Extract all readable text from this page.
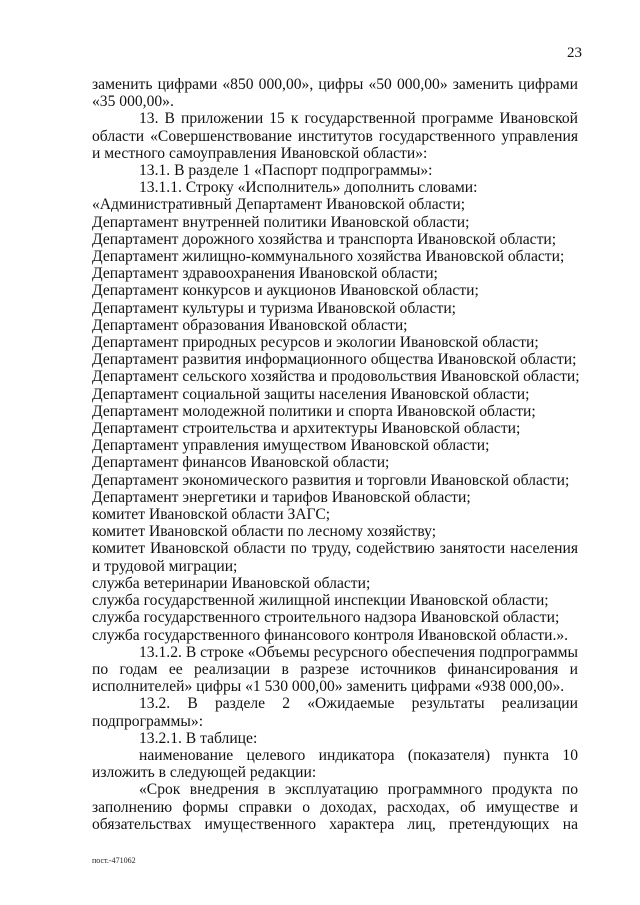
23

заменить цифрами «850 000,00», цифры «50 000,00» заменить цифрами

«35 000,00».

13. В приложении 15 к государственной программе Ивановской области «Совершенствование институтов государственного управления и местного самоуправления Ивановской области»:

13.1. В разделе 1 «Паспорт подпрограммы»:

13.1.1. Строку «Исполнитель» дополнить словами:

«Административный Департамент Ивановской области;

Департамент внутренней политики Ивановской области;

Департамент дорожного хозяйства и транспорта Ивановской области;

Департамент жилищно-коммунального хозяйства Ивановской области;

Департамент здравоохранения Ивановской области;

Департамент конкурсов и аукционов Ивановской области;

Департамент культуры и туризма Ивановской области;

Департамент образования Ивановской области;

Департамент природных ресурсов и экологии Ивановской области;

Департамент развития информационного общества Ивановской области;

Департамент сельского хозяйства и продовольствия Ивановской области;

Департамент социальной защиты населения Ивановской области;

Департамент молодежной политики и спорта Ивановской области;

Департамент строительства и архитектуры Ивановской области;

Департамент управления имуществом Ивановской области;

Департамент финансов Ивановской области;

Департамент экономического развития и торговли Ивановской области;

Департамент энергетики и тарифов Ивановской области;

комитет Ивановской области ЗАГС;

комитет Ивановской области по лесному хозяйству;

комитет Ивановской области по труду, содействию занятости населения и трудовой миграции;

служба ветеринарии Ивановской области;

служба государственной жилищной инспекции Ивановской области;

служба государственного строительного надзора Ивановской области;

служба государственного финансового контроля Ивановской области.».

13.1.2. В строке «Объемы ресурсного обеспечения подпрограммы по годам ее реализации в разрезе источников финансирования и исполнителей» цифры «1 530 000,00» заменить цифрами «938 000,00».

13.2. В разделе 2 «Ожидаемые результаты реализации подпрограммы»:

13.2.1. В таблице:

наименование целевого индикатора (показателя) пункта 10 изложить в следующей редакции:

«Срок внедрения в эксплуатацию программного продукта по заполнению формы справки о доходах, расходах, об имуществе и обязательствах имущественного характера лиц, претендующих на

пост.-471062
